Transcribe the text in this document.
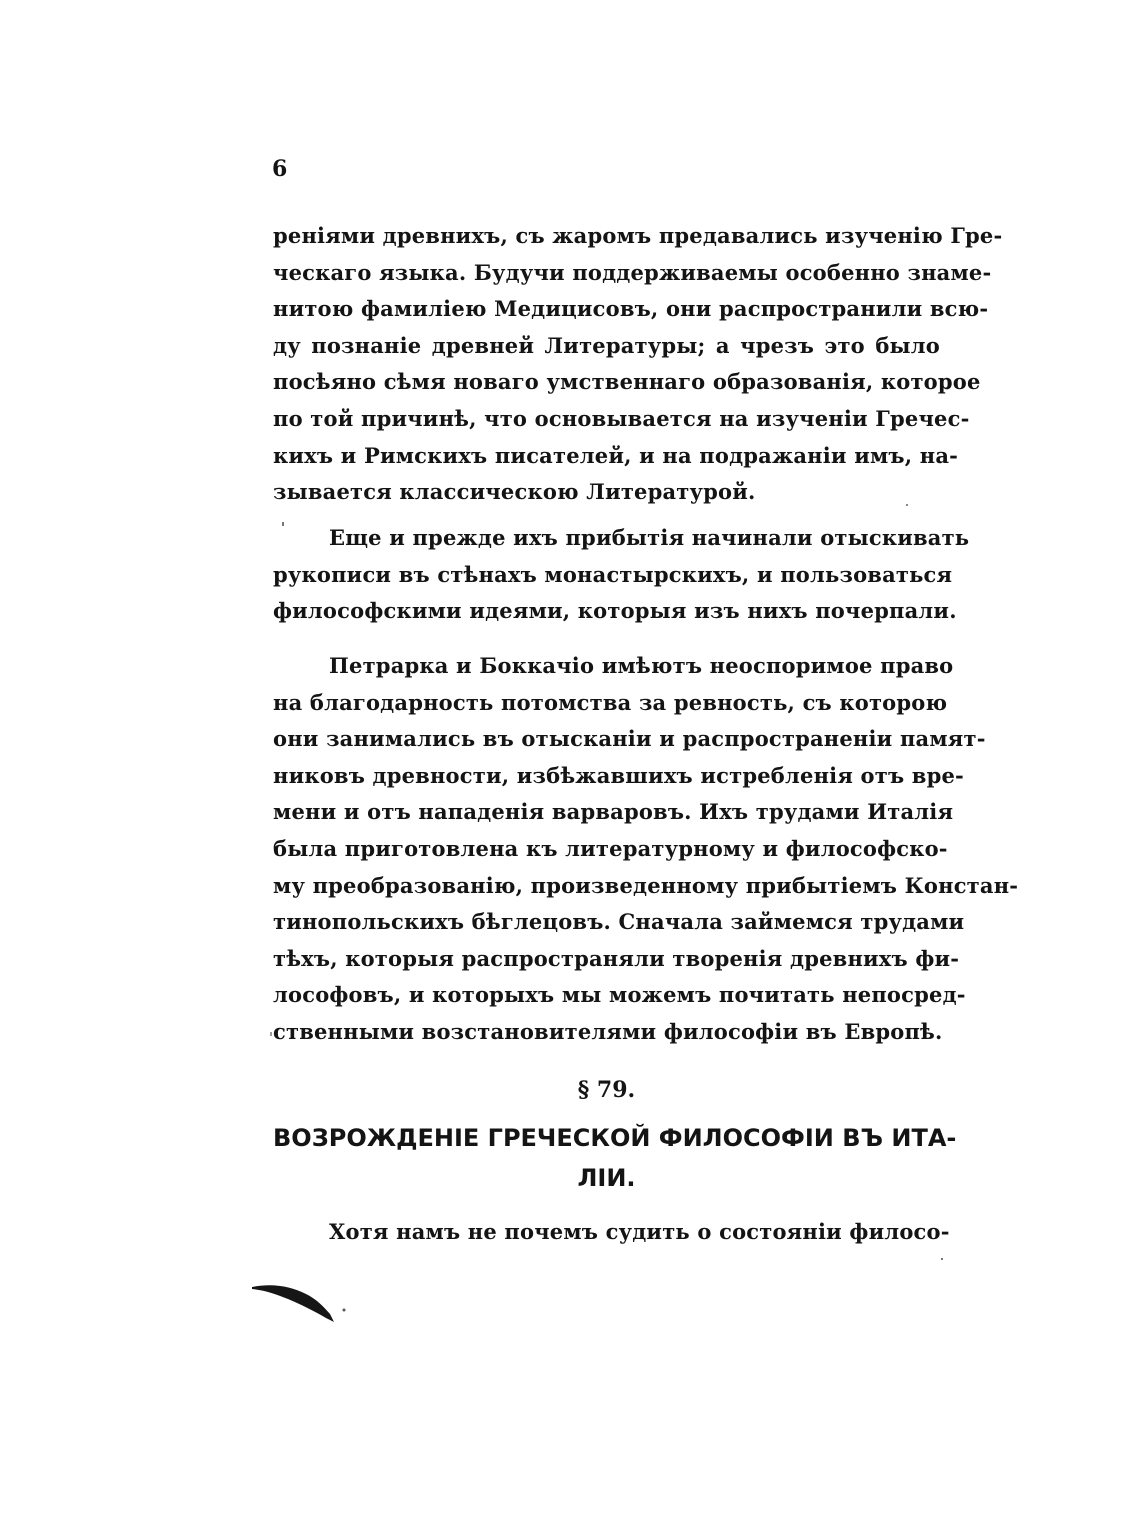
6

реніями древнихъ, съ жаромъ предавались изученію Гре-
ческаго языка. Будучи поддерживаемы особенно знаме-
нитою фамиліею Медицисовъ, они распространили всю-
ду познаніе древней Литературы; а чрезъ это было
посѣяно сѣмя новаго умственнаго образованія, которое
по той причинѣ, что основывается на изученіи Гречес-
кихъ и Римскихъ писателей, и на подражаніи имъ, на-
зывается классическою Литературой.
Еще и прежде ихъ прибытія начинали отыскивать
рукописи въ стѣнахъ монастырскихъ, и пользоваться
философскими идеями, которыя изъ нихъ почерпали.
Петрарка и Боккачіо имѣютъ неоспоримое право
на благодарность потомства за ревность, съ которою
они занимались въ отысканіи и распространеніи памят-
никовъ древности, избѣжавшихъ истребленія отъ вре-
мени и отъ нападенія варваровъ. Ихъ трудами Италія
была приготовлена къ литературному и философско-
му преобразованію, произведенному прибытіемъ Констан-
тинопольскихъ бѣглецовъ. Сначала займемся трудами
тѣхъ, которыя распространяли творенія древнихъ фи-
лософовъ, и которыхъ мы можемъ почитать непосред-
ственными возстановителями философіи въ Европѣ.

§ 79.

ВОЗРОЖДЕНІЕ ГРЕЧЕСКОЙ ФИЛОСОФІИ ВЪ ИТА-
ЛІИ.
Хотя намъ не почемъ судить о состояніи филосо-
